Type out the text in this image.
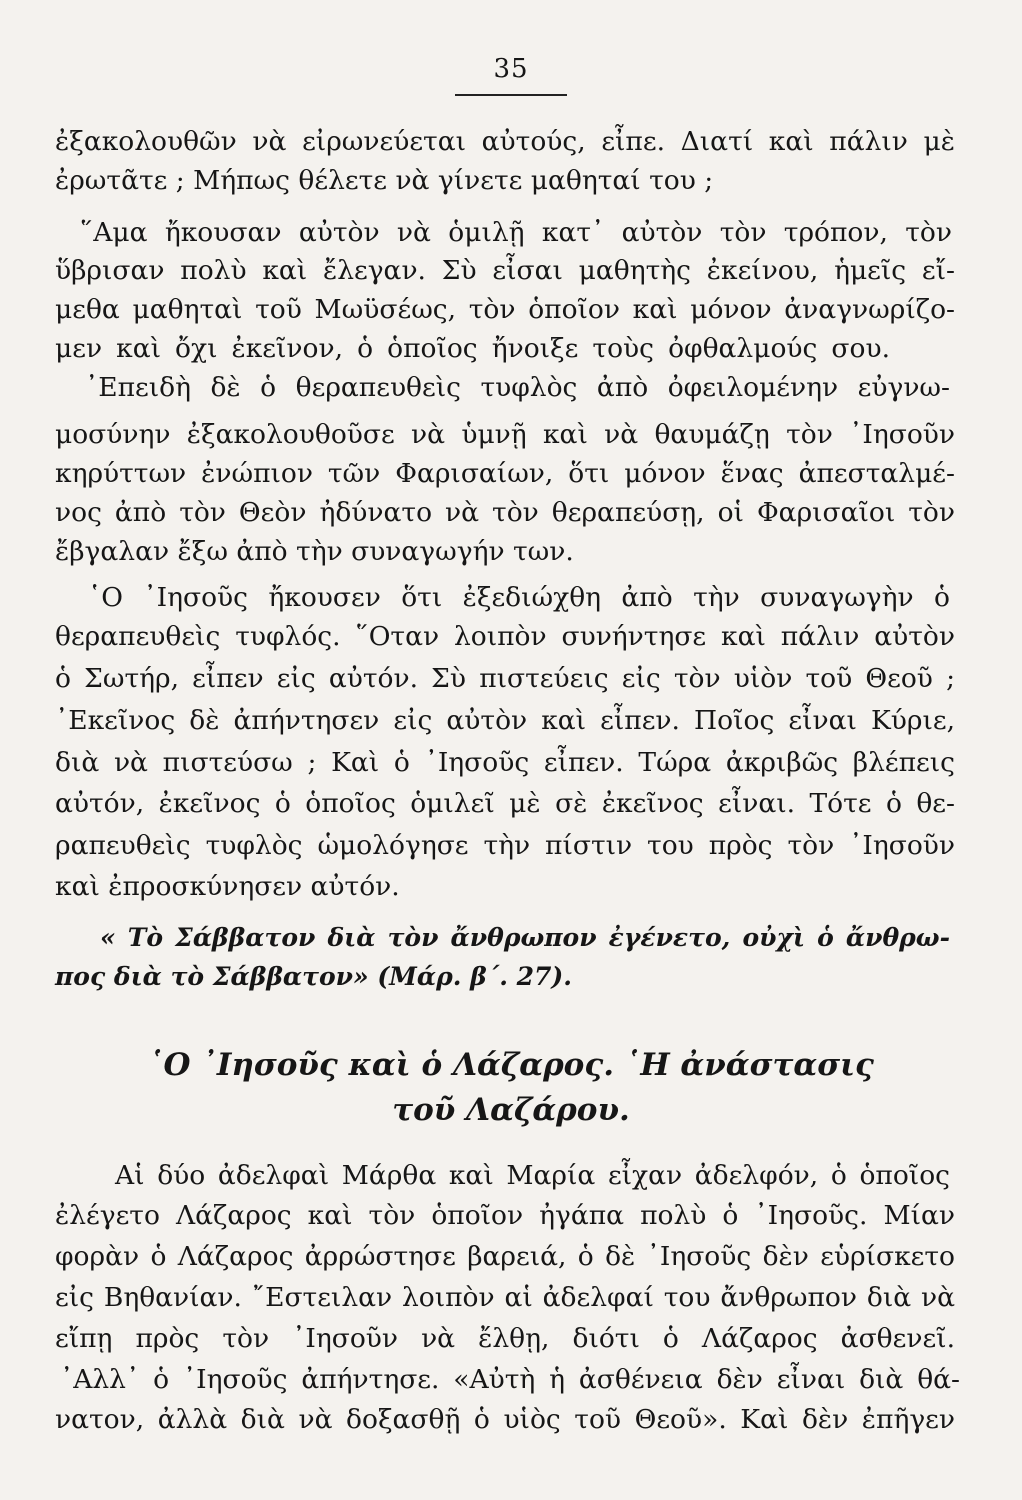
35
ἐξακολουθῶν νὰ εἰρωνεύεται αὐτούς, εἶπε. Διατί καὶ πάλιν μὲ
ἐρωτᾶτε ; Μήπως θέλετε νὰ γίνετε μαθηταί του ;
῞Αμα ἤκουσαν αὐτὸν νὰ ὁμιλῇ κατ᾽ αὐτὸν τὸν τρόπον, τὸν
ὕβρισαν πολὺ καὶ ἔλεγαν. Σὺ εἶσαι μαθητὴς ἐκείνου, ἡμεῖς εἴ-
μεθα μαθηταὶ τοῦ Μωϋσέως, τὸν ὁποῖον καὶ μόνον ἀναγνωρίζο-
μεν καὶ ὄχι ἐκεῖνον, ὁ ὁποῖος ἤνοιξε τοὺς ὀφθαλμούς σου.
᾽Επειδὴ δὲ ὁ θεραπευθεὶς τυφλὸς ἀπὸ ὀφειλομένην εὐγνω-
μοσύνην ἐξακολουθοῦσε νὰ ὑμνῇ καὶ νὰ θαυμάζῃ τὸν ᾽Ιησοῦν
κηρύττων ἐνώπιον τῶν Φαρισαίων, ὅτι μόνον ἕνας ἀπεσταλμέ-
νος ἀπὸ τὸν Θεὸν ἠδύνατο νὰ τὸν θεραπεύσῃ, οἱ Φαρισαῖοι τὸν
ἔβγαλαν ἔξω ἀπὸ τὴν συναγωγήν των.
῾Ο ᾽Ιησοῦς ἤκουσεν ὅτι ἐξεδιώχθη ἀπὸ τὴν συναγωγὴν ὁ
θεραπευθεὶς τυφλός. ῞Οταν λοιπὸν συνήντησε καὶ πάλιν αὐτὸν
ὁ Σωτήρ, εἶπεν εἰς αὐτόν. Σὺ πιστεύεις εἰς τὸν υἱὸν τοῦ Θεοῦ ;
᾽Εκεῖνος δὲ ἀπήντησεν εἰς αὐτὸν καὶ εἶπεν. Ποῖος εἶναι Κύριε,
διὰ νὰ πιστεύσω ; Καὶ ὁ ᾽Ιησοῦς εἶπεν. Τώρα ἀκριβῶς βλέπεις
αὐτόν, ἐκεῖνος ὁ ὁποῖος ὁμιλεῖ μὲ σὲ ἐκεῖνος εἶναι. Τότε ὁ θε-
ραπευθεὶς τυφλὸς ὡμολόγησε τὴν πίστιν του πρὸς τὸν ᾽Ιησοῦν
καὶ ἐπροσκύνησεν αὐτόν.
« Τὸ Σάββατον διὰ τὸν ἄνθρωπον ἐγένετο, οὐχὶ ὁ ἄνθρω-
πος διὰ τὸ Σάββατον» (Μάρ. β΄. 27).
῾Ο ᾽Ιησοῦς καὶ ὁ Λάζαρος. ῾Η ἀνάστασις
τοῦ Λαζάρου.
Αἱ δύο ἀδελφαὶ Μάρθα καὶ Μαρία εἶχαν ἀδελφόν, ὁ ὁποῖος
ἐλέγετο Λάζαρος καὶ τὸν ὁποῖον ἠγάπα πολὺ ὁ ᾽Ιησοῦς. Μίαν
φορὰν ὁ Λάζαρος ἀρρώστησε βαρειά, ὁ δὲ ᾽Ιησοῦς δὲν εὑρίσκετο
εἰς Βηθανίαν. ῎Εστειλαν λοιπὸν αἱ ἀδελφαί του ἄνθρωπον διὰ νὰ
εἴπῃ πρὸς τὸν ᾽Ιησοῦν νὰ ἔλθῃ, διότι ὁ Λάζαρος ἀσθενεῖ.
᾽Αλλ᾽ ὁ ᾽Ιησοῦς ἀπήντησε. «Αὐτὴ ἡ ἀσθένεια δὲν εἶναι διὰ θά-
νατον, ἀλλὰ διὰ νὰ δοξασθῇ ὁ υἱὸς τοῦ Θεοῦ». Καὶ δὲν ἐπῆγεν
